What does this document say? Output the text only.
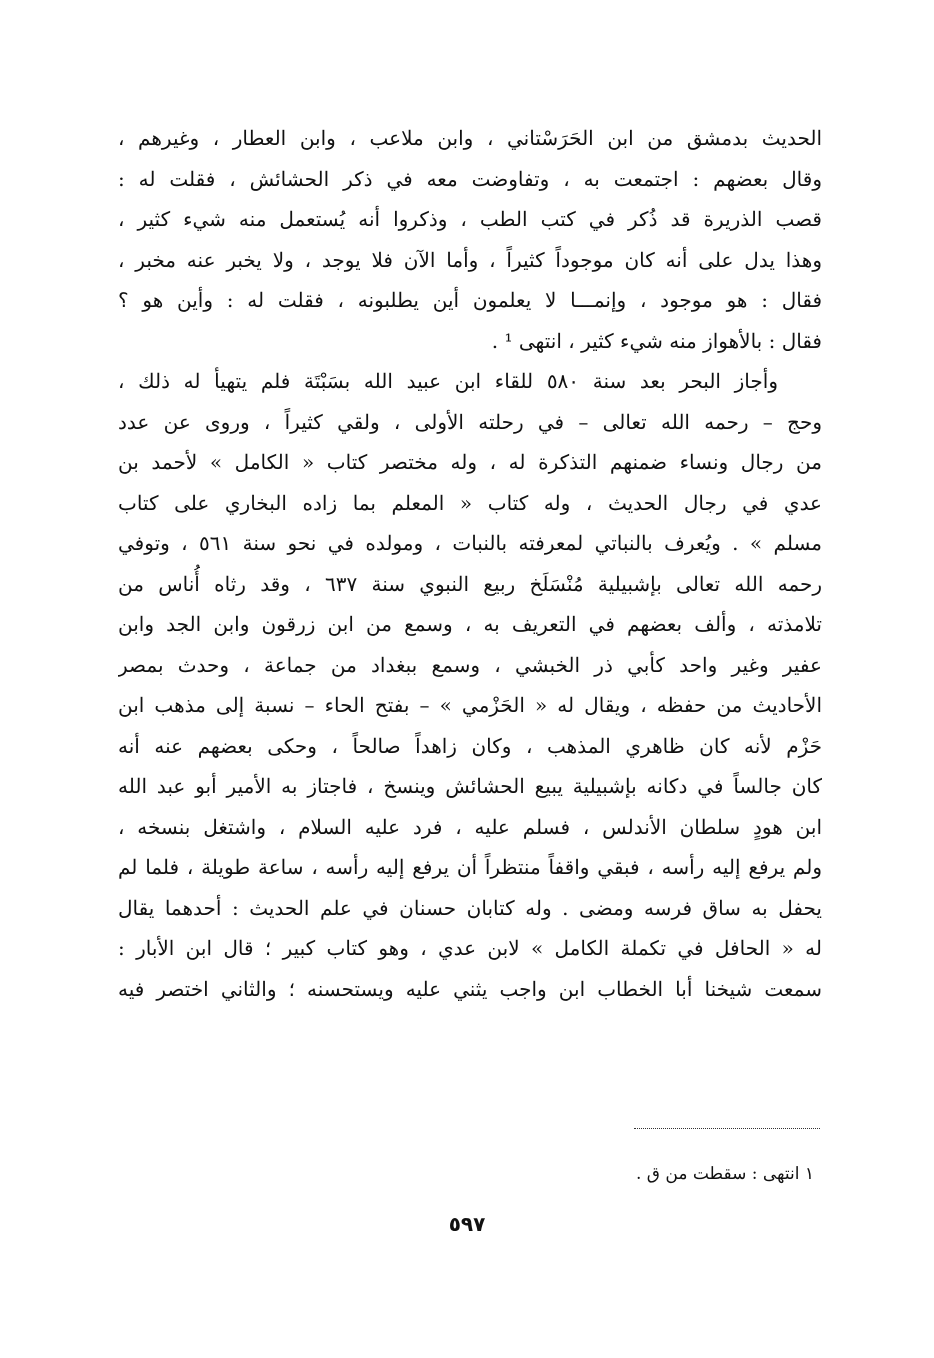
الحديث بدمشق من ابن الحَرَسْتاني ، وابن ملاعب ، وابن العطار ، وغيرهم ،
وقال بعضهم : اجتمعت به ، وتفاوضت معه في ذكر الحشائش ، فقلت له :
قصب الذريرة قد ذُكر في كتب الطب ، وذكروا أنه يُستعمل منه شيء كثير ،
وهذا يدل على أنه كان موجوداً كثيراً ، وأما الآن فلا يوجد ، ولا يخبر عنه مخبر ،
فقال : هو موجود ، وإنمـــا لا يعلمون أين يطلبونه ، فقلت له : وأين هو ؟
فقال : بالأهواز منه شيء كثير ، انتهى ¹ .
وأجاز البحر بعد سنة ٥٨٠ للقاء ابن عبيد الله بسَبْتَة فلم يتهيأ له ذلك ،
وحج – رحمه الله تعالى – في رحلته الأولى ، ولقي كثيراً ، وروى عن عدد
من رجال ونساء ضمنهم التذكرة له ، وله مختصر كتاب « الكامل » لأحمد بن
عدي في رجال الحديث ، وله كتاب « المعلم بما زاده البخاري على كتاب
مسلم » . ويُعرف بالنباتي لمعرفته بالنبات ، ومولده في نحو سنة ٥٦١ ، وتوفي
رحمه الله تعالى بإشبيلية مُنْسَلَخ ربيع النبوي سنة ٦٣٧ ، وقد رثاه أُناس من
تلامذته ، وألف بعضهم في التعريف به ، وسمع من ابن زرقون وابن الجد وابن
عفير وغير واحد كأبي ذر الخبشي ، وسمع ببغداد من جماعة ، وحدث بمصر
الأحاديث من حفظه ، ويقال له « الحَزْمي » – بفتح الحاء – نسبة إلى مذهب ابن
حَزْم لأنه كان ظاهري المذهب ، وكان زاهداً صالحاً ، وحكى بعضهم عنه أنه
كان جالساً في دكانه بإشبيلية يبيع الحشائش وينسخ ، فاجتاز به الأمير أبو عبد الله
ابن هودٍ سلطان الأندلس ، فسلم عليه ، فرد عليه السلام ، واشتغل بنسخه ،
ولم يرفع إليه رأسه ، فبقي واقفاً منتظراً أن يرفع إليه رأسه ، ساعة طويلة ، فلما لم
يحفل به ساق فرسه ومضى . وله كتابان حسنان في علم الحديث : أحدهما يقال
له « الحافل في تكملة الكامل » لابن عدي ، وهو كتاب كبير ؛ قال ابن الأبار :
سمعت شيخنا أبا الخطاب ابن واجب يثني عليه ويستحسنه ؛ والثاني اختصر فيه
١ انتهى : سقطت من ق .
٥٩٧
